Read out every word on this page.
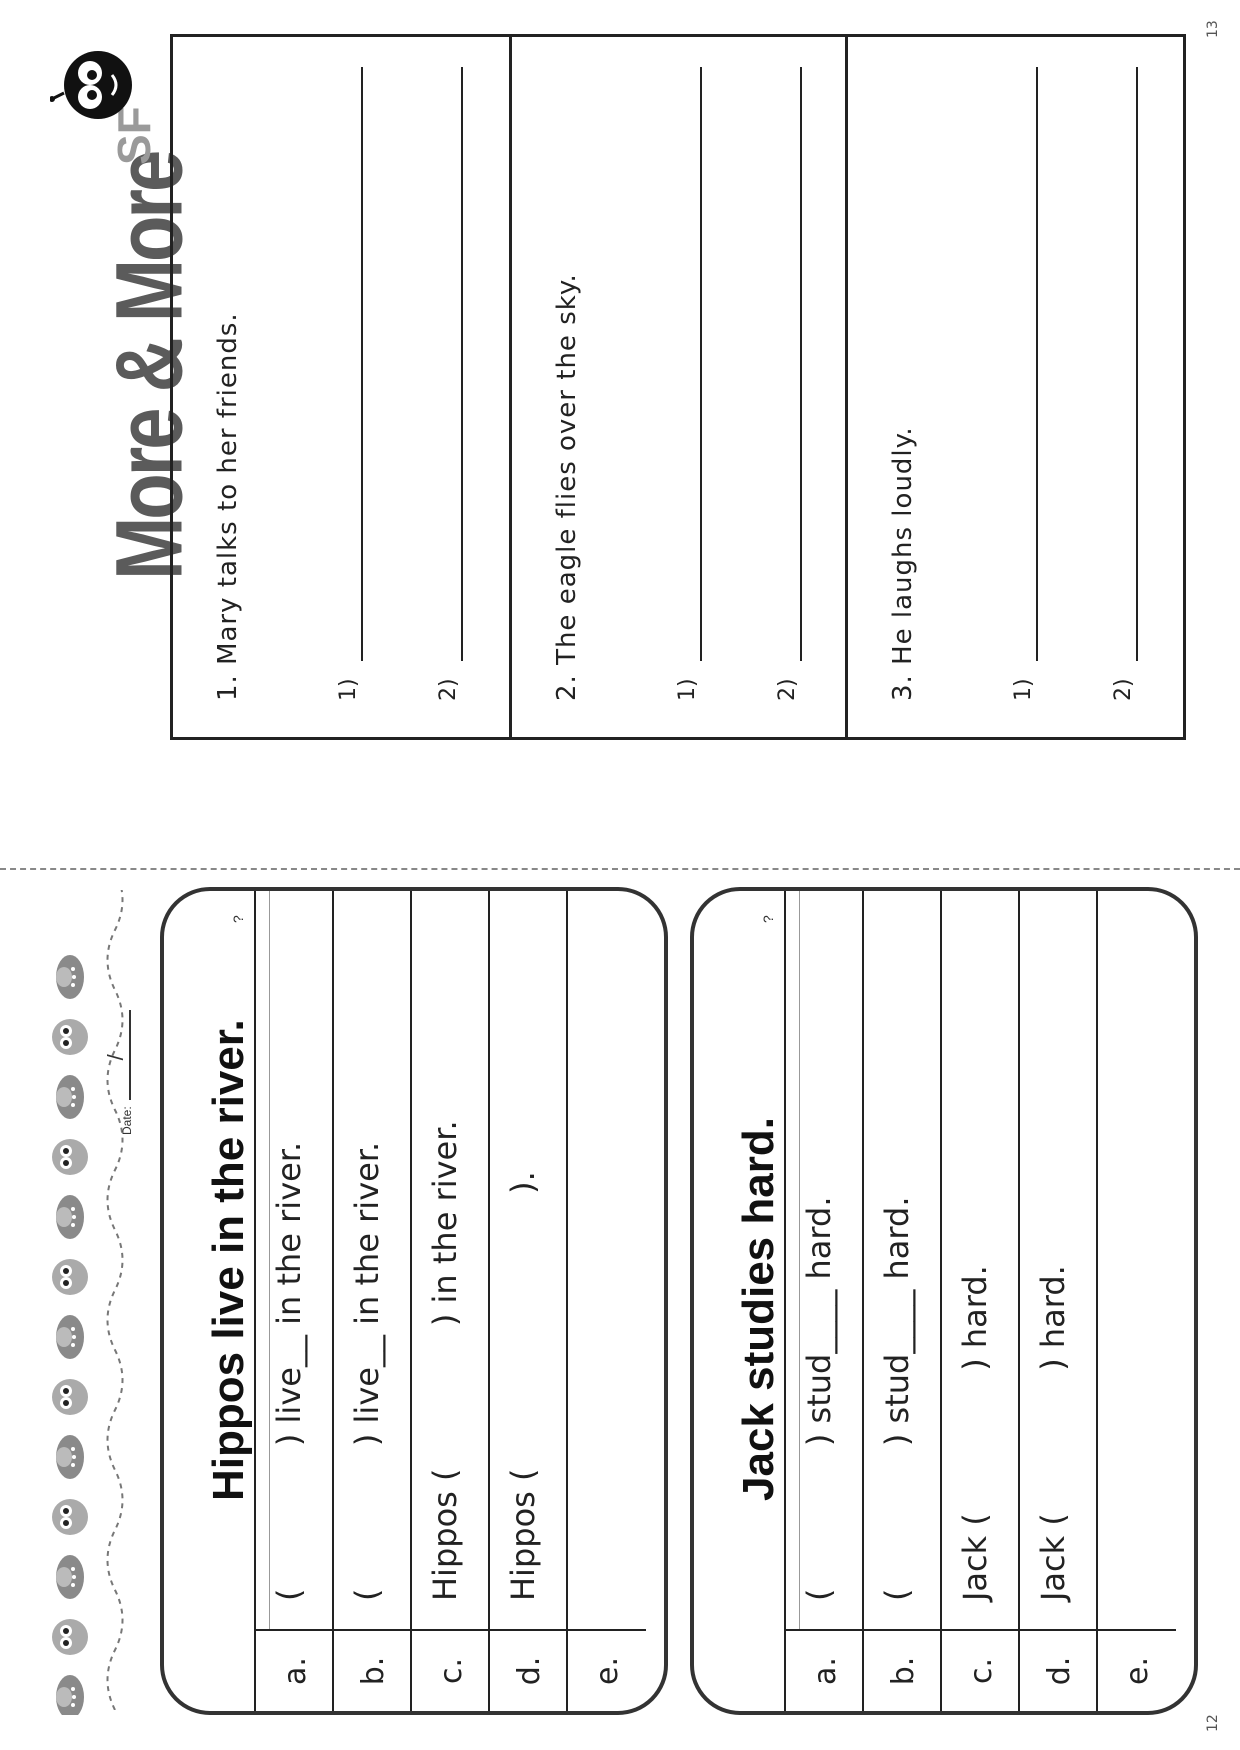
12
13
Date:
/ Hippos live in the river.
?
a.
(              ) live__ in the river.
b.
(              ) live__ in the river.
c.
Hippos (              ) in the river.
d.
Hippos (                           ).
e.
Jack studies hard.
?
a.
(              ) stud____ hard.
b.
(              ) stud____ hard.
c.
Jack (              ) hard.
d.
Jack (              ) hard.
e.
More & More
SF
1. Mary talks to her friends.	1)	2)	2. The eagle flies over the sky.	1)	2)	3. He laughs loudly.	1)	2)
